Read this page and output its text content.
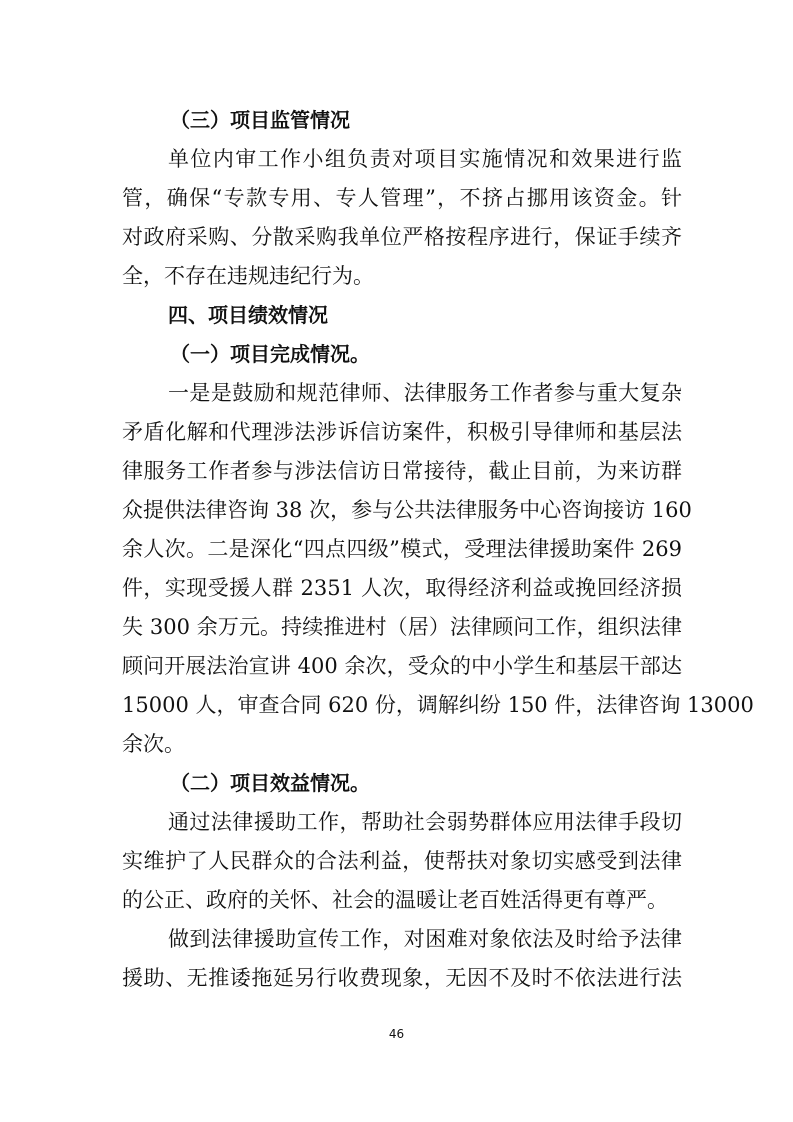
（三）项目监管情况
单位内审工作小组负责对项目实施情况和效果进行监
管，确保“专款专用、专人管理”，不挤占挪用该资金。针
对政府采购、分散采购我单位严格按程序进行，保证手续齐
全，不存在违规违纪行为。
四、项目绩效情况
（一）项目完成情况。
一是是鼓励和规范律师、法律服务工作者参与重大复杂
矛盾化解和代理涉法涉诉信访案件，积极引导律师和基层法
律服务工作者参与涉法信访日常接待，截止目前，为来访群
众提供法律咨询 38 次，参与公共法律服务中心咨询接访 160
余人次。二是深化“四点四级”模式，受理法律援助案件 269
件，实现受援人群 2351 人次，取得经济利益或挽回经济损
失 300 余万元。持续推进村（居）法律顾问工作，组织法律
顾问开展法治宣讲 400 余次，受众的中小学生和基层干部达
15000 人，审查合同 620 份，调解纠纷 150 件，法律咨询 13000
余次。
（二）项目效益情况。
通过法律援助工作，帮助社会弱势群体应用法律手段切
实维护了人民群众的合法利益，使帮扶对象切实感受到法律
的公正、政府的关怀、社会的温暖让老百姓活得更有尊严。
做到法律援助宣传工作，对困难对象依法及时给予法律
援助、无推诿拖延另行收费现象，无因不及时不依法进行法
46
